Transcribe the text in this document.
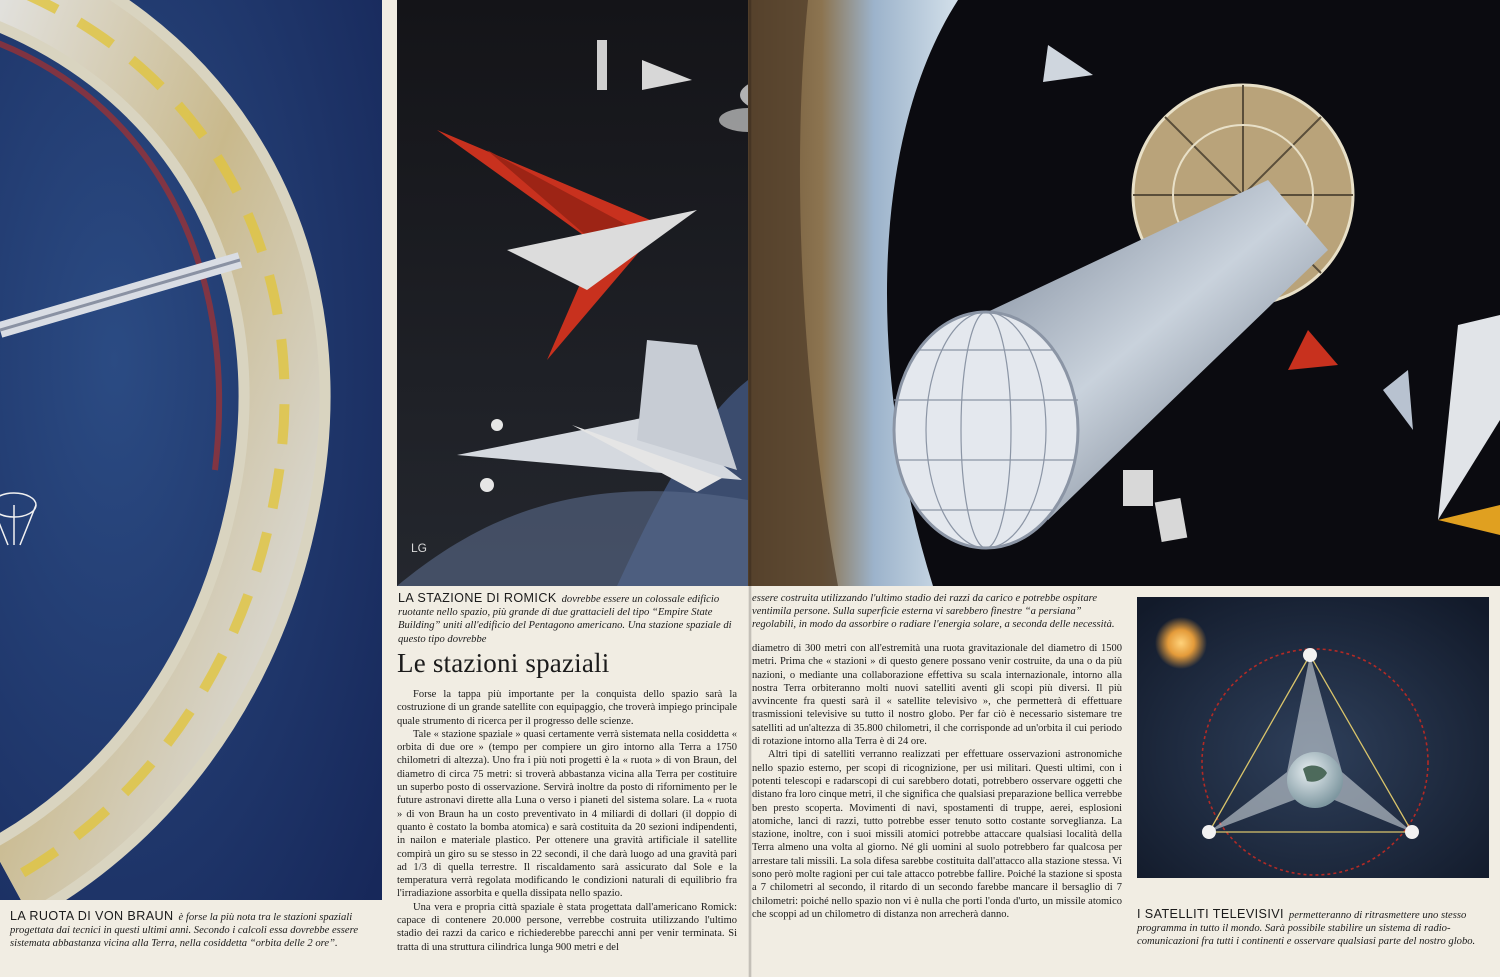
LG
LA RUOTA DI VON BRAUN è forse la più nota tra le stazioni spaziali progettata dai tecnici in questi ultimi anni. Secondo i calcoli essa dovrebbe essere sistemata abbastanza vicina alla Terra, nella cosiddetta “orbita delle 2 ore”.
LA STAZIONE DI ROMICK dovrebbe essere un colossale edificio ruotante nello spazio, più grande di due grattacieli del tipo “Empire State Building” uniti all'edificio del Pentagono americano. Una stazione spaziale di questo tipo dovrebbe
essere costruita utilizzando l'ultimo stadio dei razzi da carico e potrebbe ospitare ventimila persone. Sulla superficie esterna vi sarebbero finestre “a persiana” regolabili, in modo da assorbire o radiare l'energia solare, a seconda delle necessità.
I SATELLITI TELEVISIVI permetteranno di ritrasmettere uno stesso programma in tutto il mondo. Sarà possibile stabilire un sistema di radio-comunicazioni fra tutti i continenti e osservare qualsiasi parte del nostro globo.
Le stazioni spaziali

Forse la tappa più importante per la conquista dello spazio sarà la costruzione di un grande satellite con equipaggio, che troverà impiego principale quale strumento di ricerca per il progresso delle scienze.

Tale « stazione spaziale » quasi certamente verrà sistemata nella cosiddetta « orbita di due ore » (tempo per compiere un giro intorno alla Terra a 1750 chilometri di altezza). Uno fra i più noti progetti è la « ruota » di von Braun, del diametro di circa 75 metri: si troverà abbastanza vicina alla Terra per costituire un superbo posto di osservazione. Servirà inoltre da posto di rifornimento per le future astronavi dirette alla Luna o verso i pianeti del sistema solare. La « ruota » di von Braun ha un costo preventivato in 4 miliardi di dollari (il doppio di quanto è costato la bomba atomica) e sarà costituita da 20 sezioni indipendenti, in nailon e materiale plastico. Per ottenere una gravità artificiale il satellite compirà un giro su se stesso in 22 secondi, il che darà luogo ad una gravità pari ad 1/3 di quella terrestre. Il riscaldamento sarà assicurato dal Sole e la temperatura verrà regolata modificando le condizioni naturali di equilibrio fra l'irradiazione assorbita e quella dissipata nello spazio.

Una vera e propria città spaziale è stata progettata dall'americano Romick: capace di contenere 20.000 persone, verrebbe costruita utilizzando l'ultimo stadio dei razzi da carico e richiederebbe parecchi anni per venir terminata. Si tratta di una struttura cilindrica lunga 900 metri e del

diametro di 300 metri con all'estremità una ruota gravitazionale del diametro di 1500 metri. Prima che « stazioni » di questo genere possano venir costruite, da una o da più nazioni, o mediante una collaborazione effettiva su scala internazionale, intorno alla nostra Terra orbiteranno molti nuovi satelliti aventi gli scopi più diversi. Il più avvincente fra questi sarà il « satellite televisivo », che permetterà di effettuare trasmissioni televisive su tutto il nostro globo. Per far ciò è necessario sistemare tre satelliti ad un'altezza di 35.800 chilometri, il che corrisponde ad un'orbita il cui periodo di rotazione intorno alla Terra è di 24 ore.

Altri tipi di satelliti verranno realizzati per effettuare osservazioni astronomiche nello spazio esterno, per scopi di ricognizione, per usi militari. Questi ultimi, con i potenti telescopi e radarscopi di cui sarebbero dotati, potrebbero osservare oggetti che distano fra loro cinque metri, il che significa che qualsiasi preparazione bellica verrebbe ben presto scoperta. Movimenti di navi, spostamenti di truppe, aerei, esplosioni atomiche, lanci di razzi, tutto potrebbe esser tenuto sotto costante sorveglianza. La stazione, inoltre, con i suoi missili atomici potrebbe attaccare qualsiasi località della Terra almeno una volta al giorno. Né gli uomini al suolo potrebbero far qualcosa per arrestare tali missili. La sola difesa sarebbe costituita dall'attacco alla stazione stessa. Vi sono però molte ragioni per cui tale attacco potrebbe fallire. Poiché la stazione si sposta a 7 chilometri al secondo, il ritardo di un secondo farebbe mancare il bersaglio di 7 chilometri: poiché nello spazio non vi è nulla che porti l'onda d'urto, un missile atomico che scoppi ad un chilometro di distanza non arrecherà danno.
